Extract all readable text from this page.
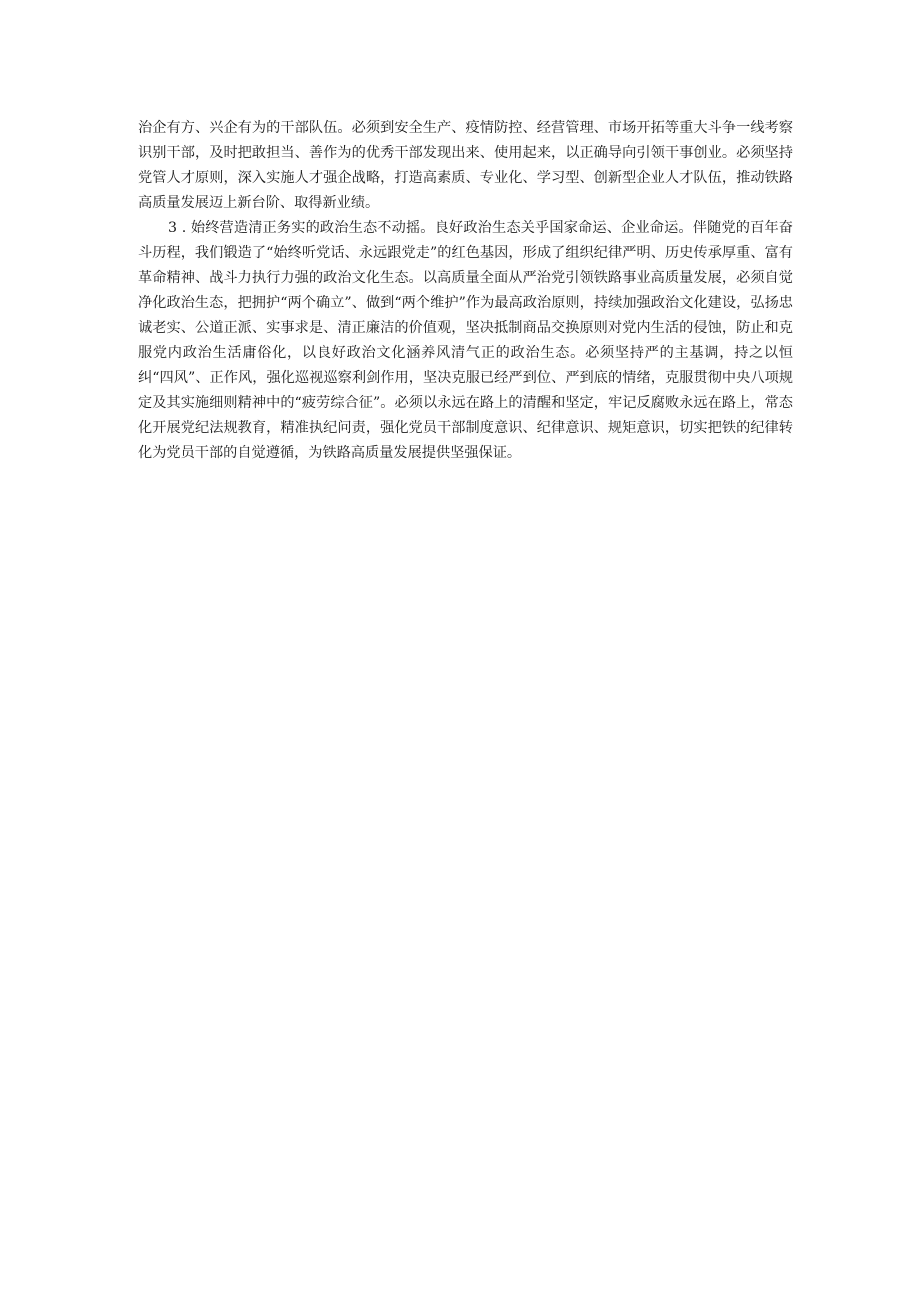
治企有方、兴企有为的干部队伍。必须到安全生产、疫情防控、经营管理、市场开拓等重大斗争一线考察识别干部，及时把敢担当、善作为的优秀干部发现出来、使用起来，以正确导向引领干事创业。必须坚持党管人才原则，深入实施人才强企战略，打造高素质、专业化、学习型、创新型企业人才队伍，推动铁路高质量发展迈上新台阶、取得新业绩。

3 . 始终营造清正务实的政治生态不动摇。良好政治生态关乎国家命运、企业命运。伴随党的百年奋斗历程，我们锻造了“始终听党话、永远跟党走”的红色基因，形成了组织纪律严明、历史传承厚重、富有革命精神、战斗力执行力强的政治文化生态。以高质量全面从严治党引领铁路事业高质量发展，必须自觉净化政治生态，把拥护“两个确立”、做到“两个维护”作为最高政治原则，持续加强政治文化建设，弘扬忠诚老实、公道正派、实事求是、清正廉洁的价值观，坚决抵制商品交换原则对党内生活的侵蚀，防止和克服党内政治生活庸俗化，以良好政治文化涵养风清气正的政治生态。必须坚持严的主基调，持之以恒纠“四风”、正作风，强化巡视巡察利剑作用，坚决克服已经严到位、严到底的情绪，克服贯彻中央八项规定及其实施细则精神中的“疲劳综合征”。必须以永远在路上的清醒和坚定，牢记反腐败永远在路上，常态化开展党纪法规教育，精准执纪问责，强化党员干部制度意识、纪律意识、规矩意识，切实把铁的纪律转化为党员干部的自觉遵循，为铁路高质量发展提供坚强保证。
